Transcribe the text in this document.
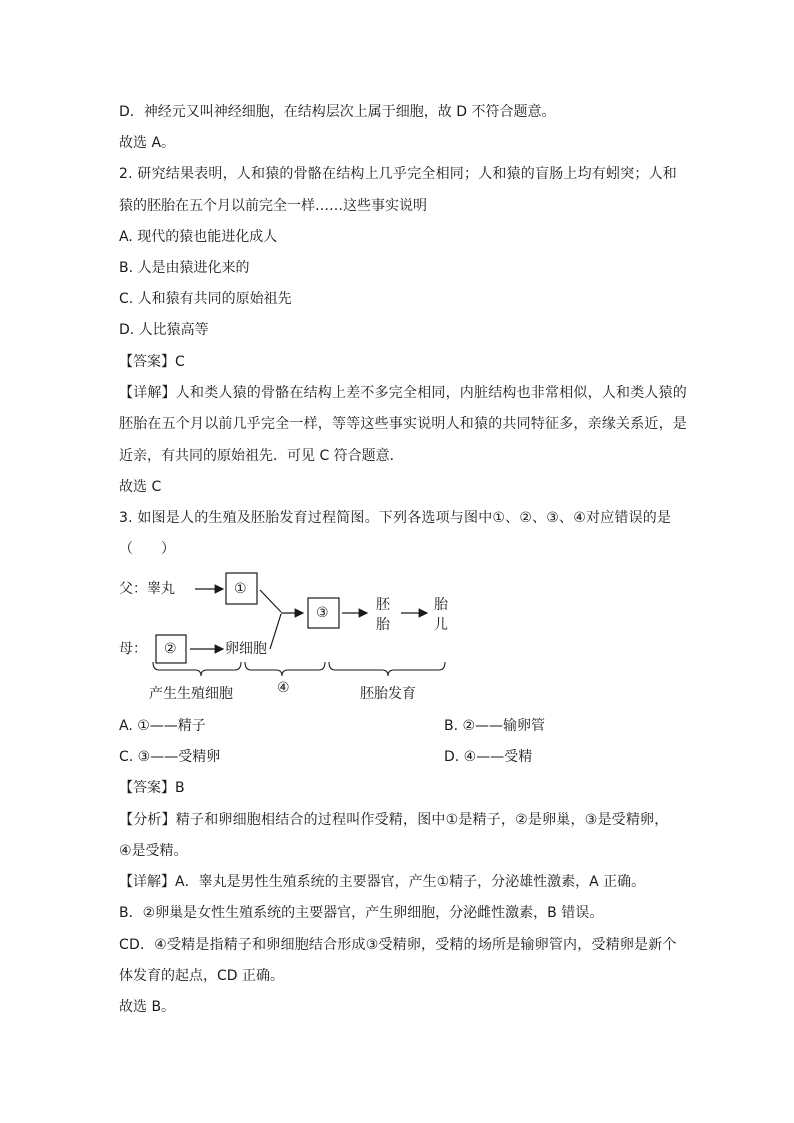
D．神经元又叫神经细胞，在结构层次上属于细胞，故 D 不符合题意。
故选 A。
2. 研究结果表明，人和猿的骨骼在结构上几乎完全相同；人和猿的盲肠上均有蚓突；人和
猿的胚胎在五个月以前完全一样……这些事实说明
A. 现代的猿也能进化成人
B. 人是由猿进化来的
C. 人和猿有共同的原始祖先
D. 人比猿高等
【答案】C
【详解】人和类人猿的骨骼在结构上差不多完全相同，内脏结构也非常相似，人和类人猿的
胚胎在五个月以前几乎完全一样，等等这些事实说明人和猿的共同特征多，亲缘关系近，是
近亲，有共同的原始祖先．可见 C 符合题意．
故选 C
3. 如图是人的生殖及胚胎发育过程简图。下列各选项与图中①、②、③、④对应错误的是
（　　）
父：睾丸	①
母： ②	卵细胞
③	胚
胎
胎
儿
④
产生生殖细胞	胚胎发育
A. ①——精子	B. ②——输卵管
C. ③——受精卵	D. ④——受精
【答案】B
【分析】精子和卵细胞相结合的过程叫作受精，图中①是精子，②是卵巢，③是受精卵，
④是受精。
【详解】A．睾丸是男性生殖系统的主要器官，产生①精子，分泌雄性激素，A 正确。
B．②卵巢是女性生殖系统的主要器官，产生卵细胞，分泌雌性激素，B 错误。
CD．④受精是指精子和卵细胞结合形成③受精卵，受精的场所是输卵管内，受精卵是新个
体发育的起点，CD 正确。
故选 B。
